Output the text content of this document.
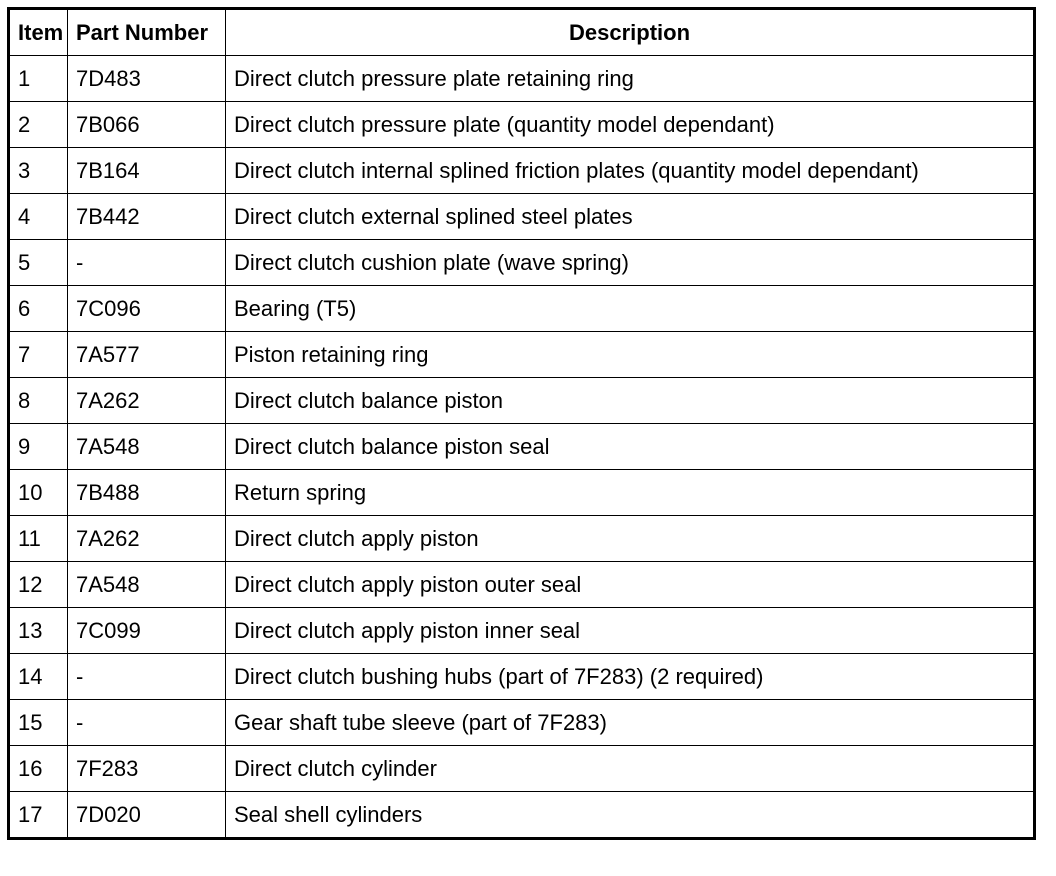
Item	Part Number	Description
1	7D483	Direct clutch pressure plate retaining ring
2	7B066	Direct clutch pressure plate (quantity model dependant)
3	7B164	Direct clutch internal splined friction plates (quantity model dependant)
4	7B442	Direct clutch external splined steel plates
5	-	Direct clutch cushion plate (wave spring)
6	7C096	Bearing (T5)
7	7A577	Piston retaining ring
8	7A262	Direct clutch balance piston
9	7A548	Direct clutch balance piston seal
10	7B488	Return spring
11	7A262	Direct clutch apply piston
12	7A548	Direct clutch apply piston outer seal
13	7C099	Direct clutch apply piston inner seal
14	-	Direct clutch bushing hubs (part of 7F283) (2 required)
15	-	Gear shaft tube sleeve (part of 7F283)
16	7F283	Direct clutch cylinder
17	7D020	Seal shell cylinders
